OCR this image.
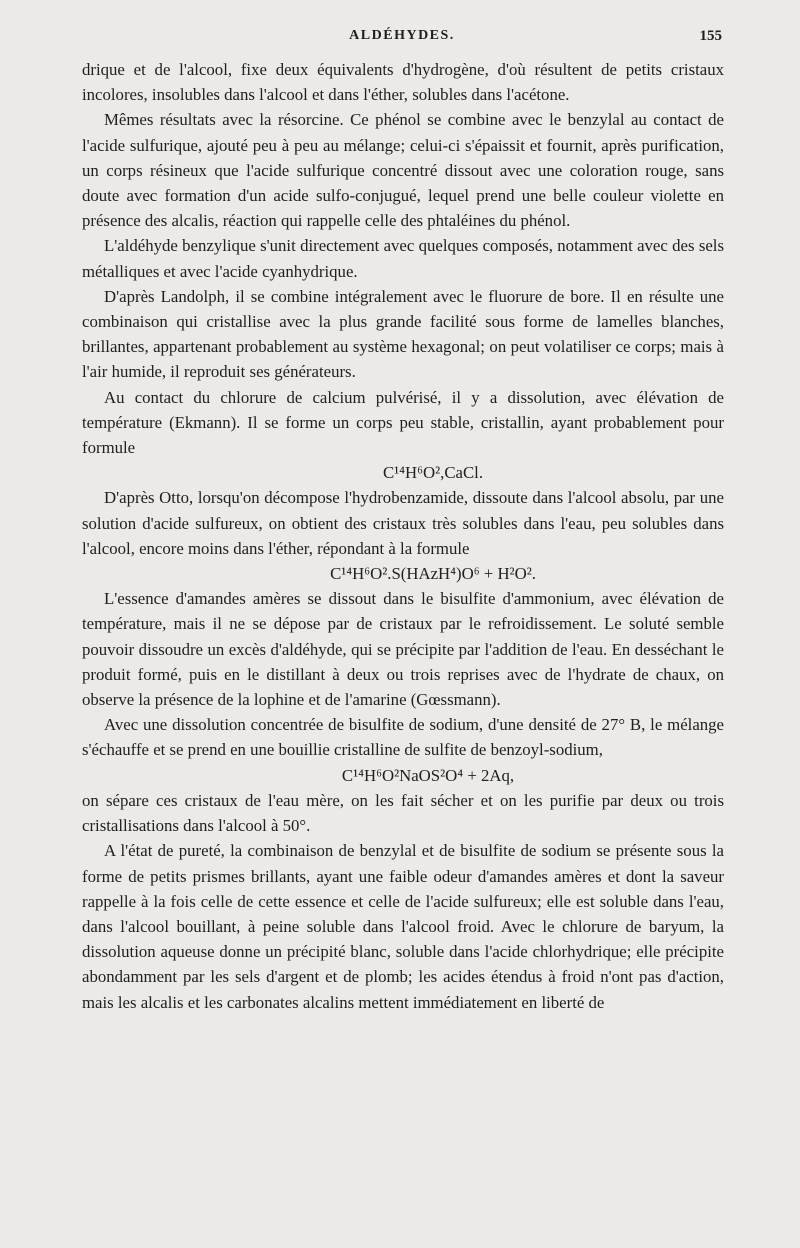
ALDÉHYDES.	155

drique et de l'alcool, fixe deux équivalents d'hydrogène, d'où résultent de petits cristaux incolores, insolubles dans l'alcool et dans l'éther, solubles dans l'acétone.

Mêmes résultats avec la résorcine. Ce phénol se combine avec le benzylal au contact de l'acide sulfurique, ajouté peu à peu au mélange; celui-ci s'épaissit et fournit, après purification, un corps résineux que l'acide sulfurique concentré dissout avec une coloration rouge, sans doute avec formation d'un acide sulfo-conjugué, lequel prend une belle couleur violette en présence des alcalis, réaction qui rappelle celle des phtaléines du phénol.

L'aldéhyde benzylique s'unit directement avec quelques composés, notamment avec des sels métalliques et avec l'acide cyanhydrique.

D'après Landolph, il se combine intégralement avec le fluorure de bore. Il en résulte une combinaison qui cristallise avec la plus grande facilité sous forme de lamelles blanches, brillantes, appartenant probablement au système hexagonal; on peut volatiliser ce corps; mais à l'air humide, il reproduit ses générateurs.

Au contact du chlorure de calcium pulvérisé, il y a dissolution, avec élévation de température (Ekmann). Il se forme un corps peu stable, cristallin, ayant probablement pour formule

C¹⁴H⁶O²,CaCl.

D'après Otto, lorsqu'on décompose l'hydrobenzamide, dissoute dans l'alcool absolu, par une solution d'acide sulfureux, on obtient des cristaux très solubles dans l'eau, peu solubles dans l'alcool, encore moins dans l'éther, répondant à la formule

C¹⁴H⁶O².S(HAzH⁴)O⁶ + H²O².

L'essence d'amandes amères se dissout dans le bisulfite d'ammonium, avec élévation de température, mais il ne se dépose par de cristaux par le refroidissement. Le soluté semble pouvoir dissoudre un excès d'aldéhyde, qui se précipite par l'addition de l'eau. En desséchant le produit formé, puis en le distillant à deux ou trois reprises avec de l'hydrate de chaux, on observe la présence de la lophine et de l'amarine (Gœssmann).

Avec une dissolution concentrée de bisulfite de sodium, d'une densité de 27° B, le mélange s'échauffe et se prend en une bouillie cristalline de sulfite de benzoyl-sodium,

C¹⁴H⁶O²NaOS²O⁴ + 2Aq,

on sépare ces cristaux de l'eau mère, on les fait sécher et on les purifie par deux ou trois cristallisations dans l'alcool à 50°.

A l'état de pureté, la combinaison de benzylal et de bisulfite de sodium se présente sous la forme de petits prismes brillants, ayant une faible odeur d'amandes amères et dont la saveur rappelle à la fois celle de cette essence et celle de l'acide sulfureux; elle est soluble dans l'eau, dans l'alcool bouillant, à peine soluble dans l'alcool froid. Avec le chlorure de baryum, la dissolution aqueuse donne un précipité blanc, soluble dans l'acide chlorhydrique; elle précipite abondamment par les sels d'argent et de plomb; les acides étendus à froid n'ont pas d'action, mais les alcalis et les carbonates alcalins mettent immédiatement en liberté de
